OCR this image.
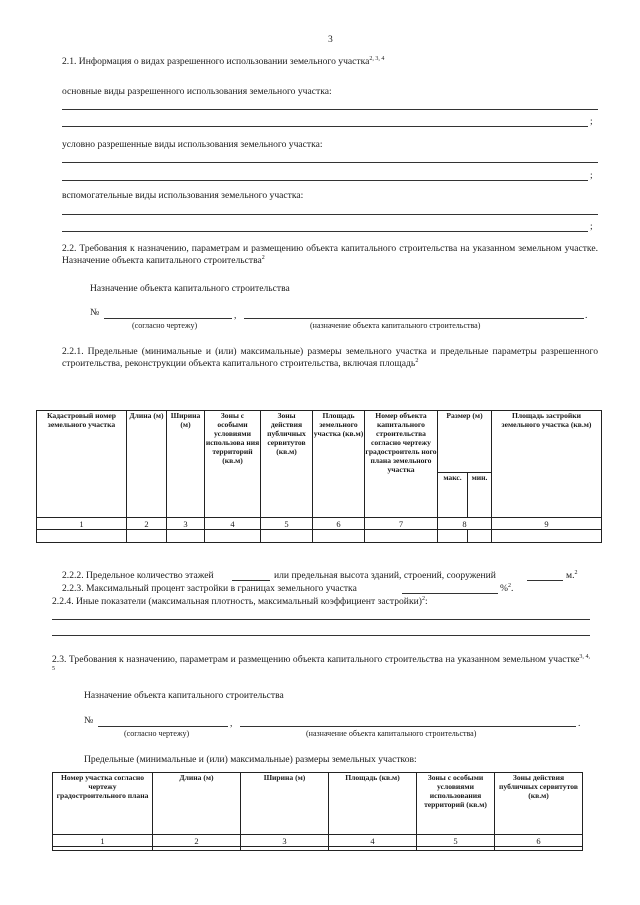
3
2.1. Информация о видах разрешенного использовании земельного участка$^{2, 3, 4}$
основные виды разрешенного использования земельного участка:
;
условно разрешенные виды использования земельного участка:
;
вспомогательные виды использования земельного участка:
;
2.2. Требования к назначению, параметрам и размещению объекта капитального строительства на указанном земельном участке. Назначение объекта капитального строительства$^2$
Назначение объекта капитального строительства
№	,	.
(согласно чертежу)	(назначение объекта капитального строительства)
2.2.1. Предельные (минимальные и (или) максимальные) размеры земельного участка и предельные параметры разрешенного строительства, реконструкции объекта капитального строительства, включая площадь$^2$
Кадастровый номер земельного участка	Длина (м)	Ширина (м)	Зоны с особыми условиями использова ния территорий (кв.м)	Зоны действия публичных сервитутов (кв.м)	Площадь земельного участка (кв.м)	Номер объекта капитального строительства согласно чертежу градостроитель ного плана земельного участка	Размер (м)		Площадь застройки земельного участка (кв.м)
							макс.	мин.	
1	2	3	4	5	6	7	8		9

2.2.2. Предельное количество этажей	или предельная высота зданий, строений, сооружений	м.$^2$
2.2.3. Максимальный процент застройки в границах земельного участка	%$^2$.
2.2.4. Иные показатели (максимальная плотность, максимальный коэффициент застройки)$^2$:
2.3. Требования к назначению, параметрам и размещению объекта капитального строительства на указанном земельном участке$^{3, 4, 5}$
Назначение объекта капитального строительства
№	,	.
(согласно чертежу)	(назначение объекта капитального строительства)
Предельные (минимальные и (или) максимальные) размеры земельных участков:
Номер участка согласно чертежу градостроительного плана	Длина (м)	Ширина (м)	Площадь (кв.м)	Зоны с особыми условиями использования территорий (кв.м)	Зоны действия публичных сервитутов (кв.м)
1	2	3	4	5	6
